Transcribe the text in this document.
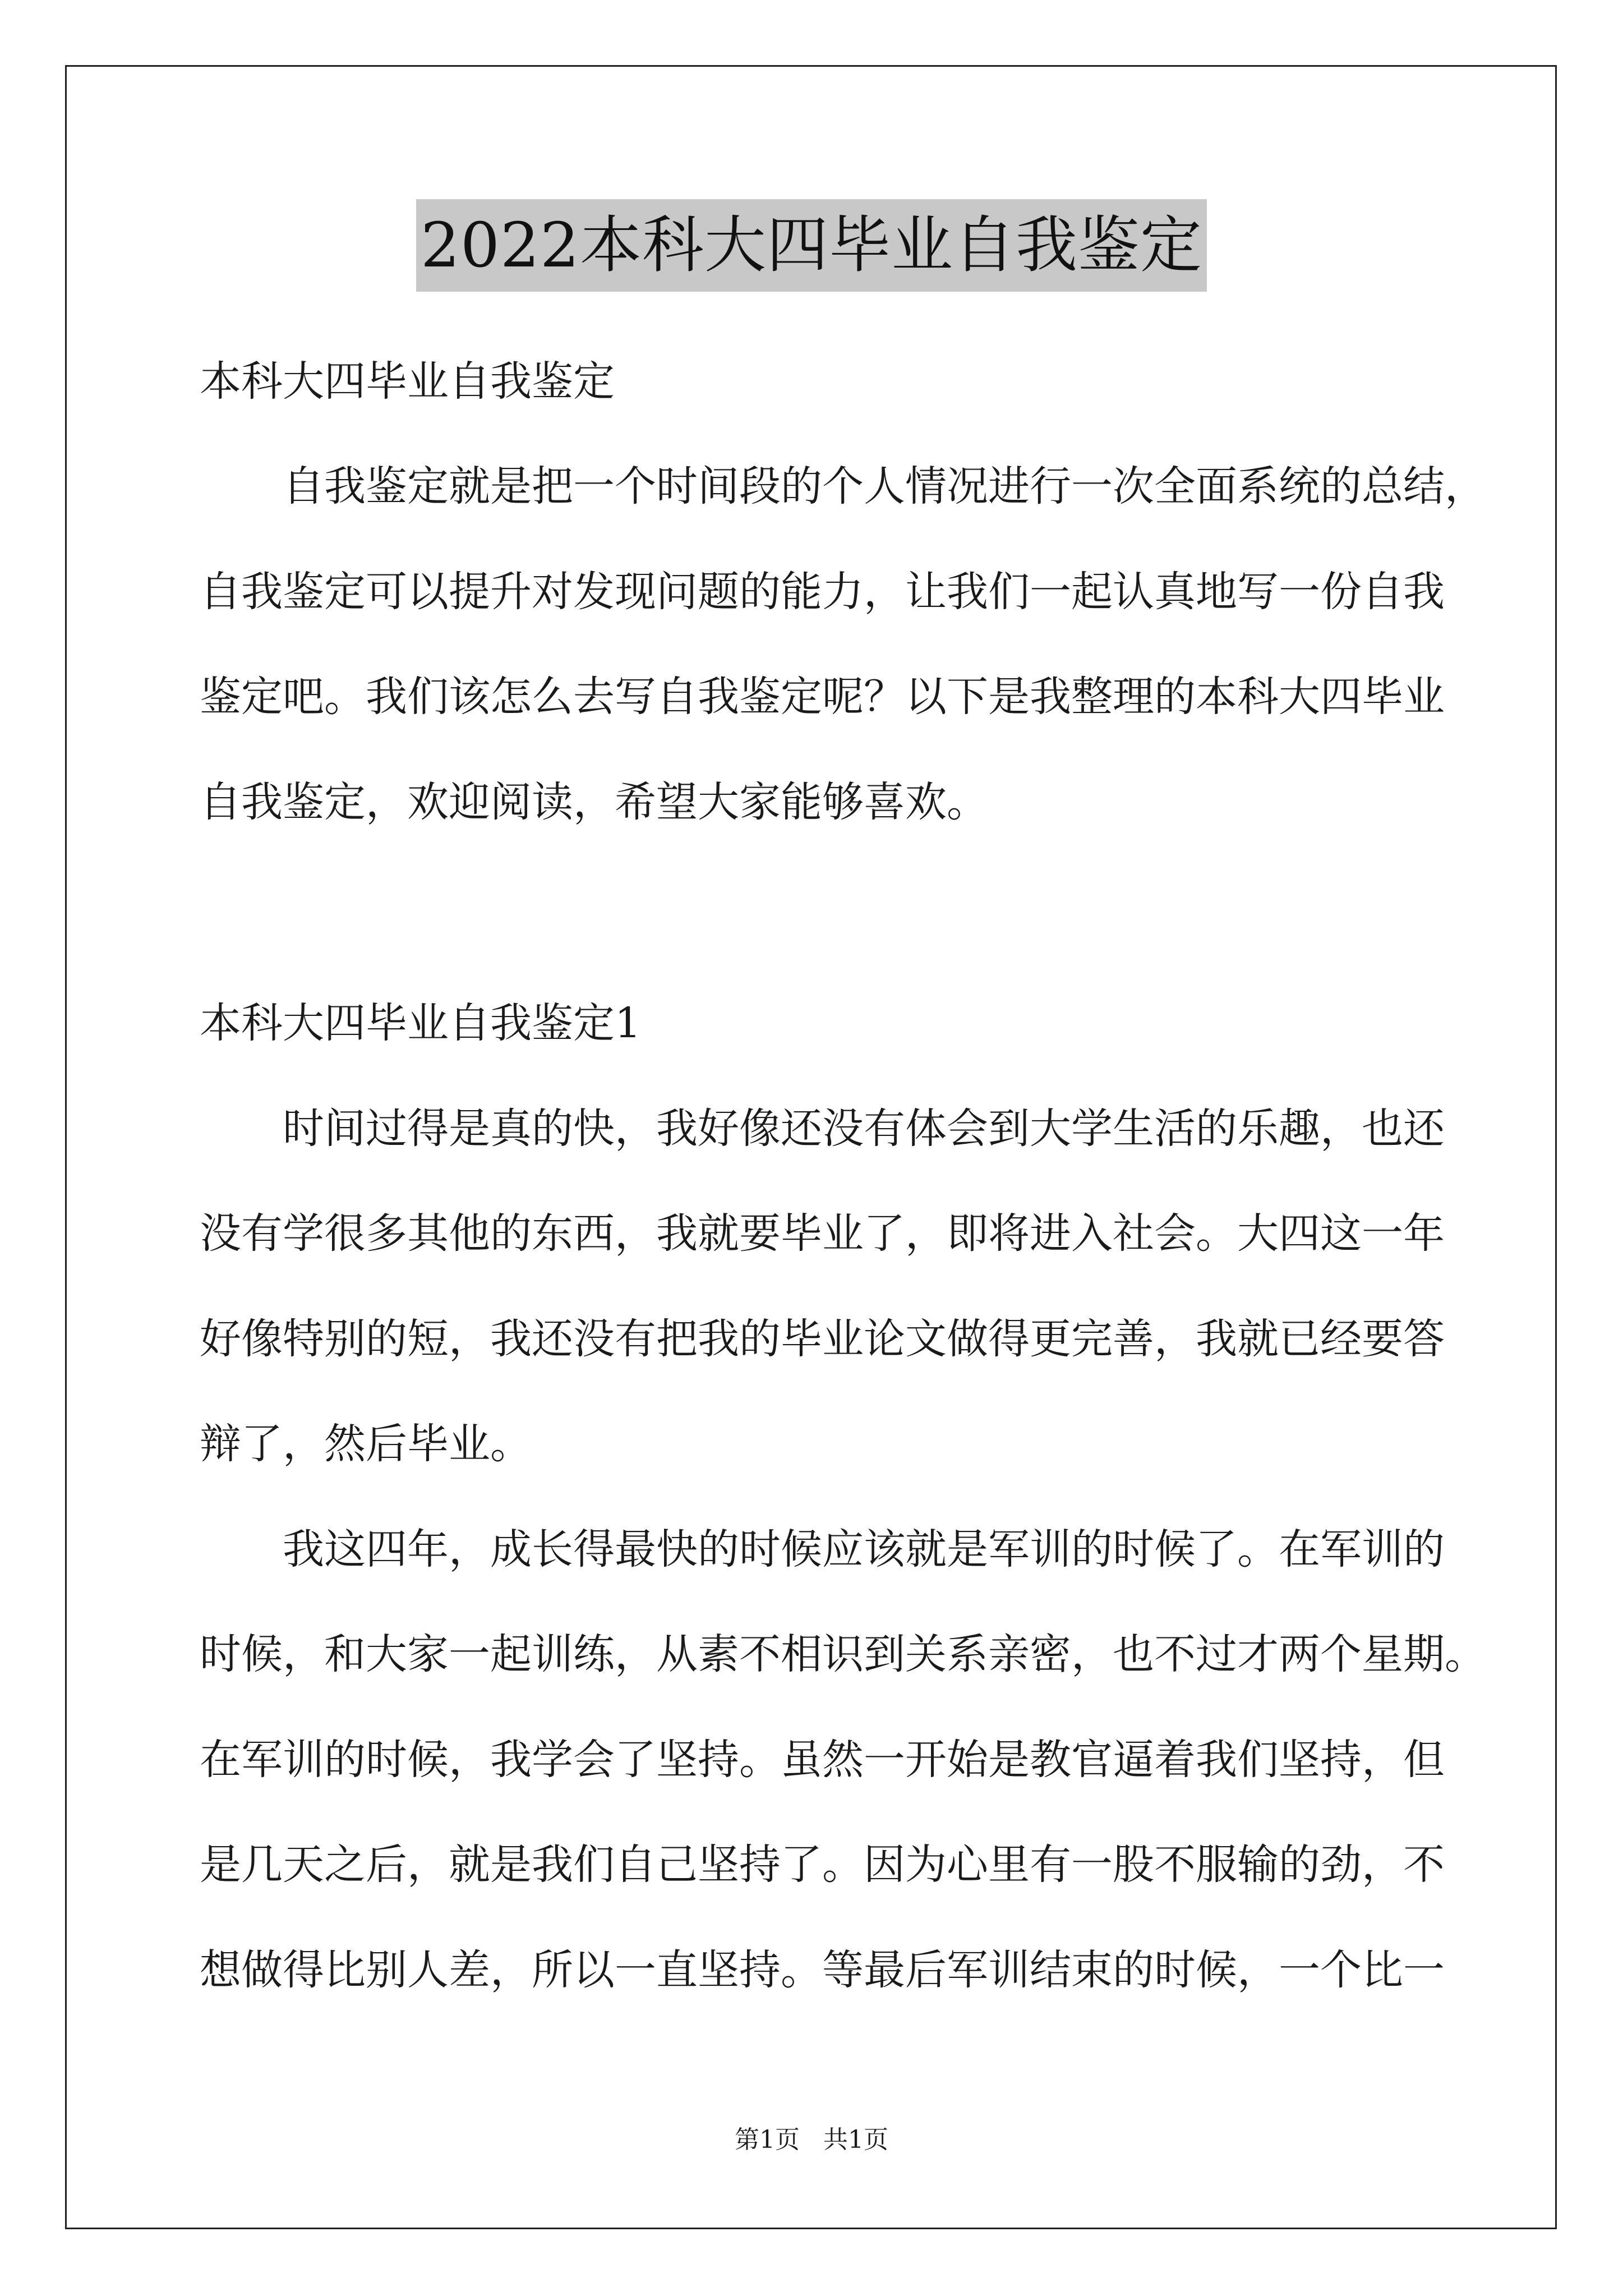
2022本科大四毕业自我鉴定
本科大四毕业自我鉴定
自我鉴定就是把一个时间段的个人情况进行一次全面系统的总结，
自我鉴定可以提升对发现问题的能力，让我们一起认真地写一份自我
鉴定吧。我们该怎么去写自我鉴定呢？以下是我整理的本科大四毕业
自我鉴定，欢迎阅读，希望大家能够喜欢。
本科大四毕业自我鉴定1
时间过得是真的快，我好像还没有体会到大学生活的乐趣，也还
没有学很多其他的东西，我就要毕业了，即将进入社会。大四这一年
好像特别的短，我还没有把我的毕业论文做得更完善，我就已经要答
辩了，然后毕业。
我这四年，成长得最快的时候应该就是军训的时候了。在军训的
时候，和大家一起训练，从素不相识到关系亲密，也不过才两个星期。
在军训的时候，我学会了坚持。虽然一开始是教官逼着我们坚持，但
是几天之后，就是我们自己坚持了。因为心里有一股不服输的劲，不
想做得比别人差，所以一直坚持。等最后军训结束的时候，一个比一
第1页 共1页
